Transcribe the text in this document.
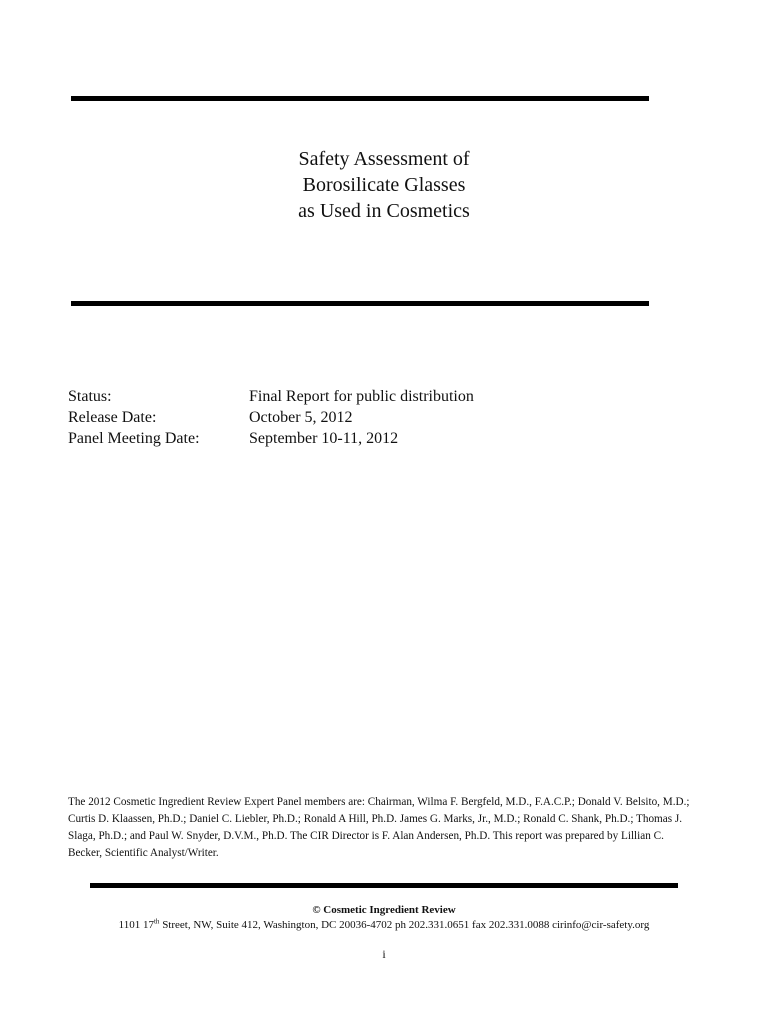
Safety Assessment of
Borosilicate Glasses
as Used in Cosmetics
Status:	Final Report for public distribution
Release Date:	October 5, 2012
Panel Meeting Date:	September 10-11, 2012
The 2012 Cosmetic Ingredient Review Expert Panel members are: Chairman, Wilma F. Bergfeld, M.D., F.A.C.P.; Donald V. Belsito, M.D.; Curtis D. Klaassen, Ph.D.; Daniel C. Liebler, Ph.D.; Ronald A Hill, Ph.D. James G. Marks, Jr., M.D.; Ronald C. Shank, Ph.D.; Thomas J. Slaga, Ph.D.; and Paul W. Snyder, D.V.M., Ph.D. The CIR Director is F. Alan Andersen, Ph.D. This report was prepared by Lillian C. Becker, Scientific Analyst/Writer.
© Cosmetic Ingredient Review
1101 17th Street, NW, Suite 412, Washington, DC 20036-4702 ph 202.331.0651 fax 202.331.0088 cirinfo@cir-safety.org
i
